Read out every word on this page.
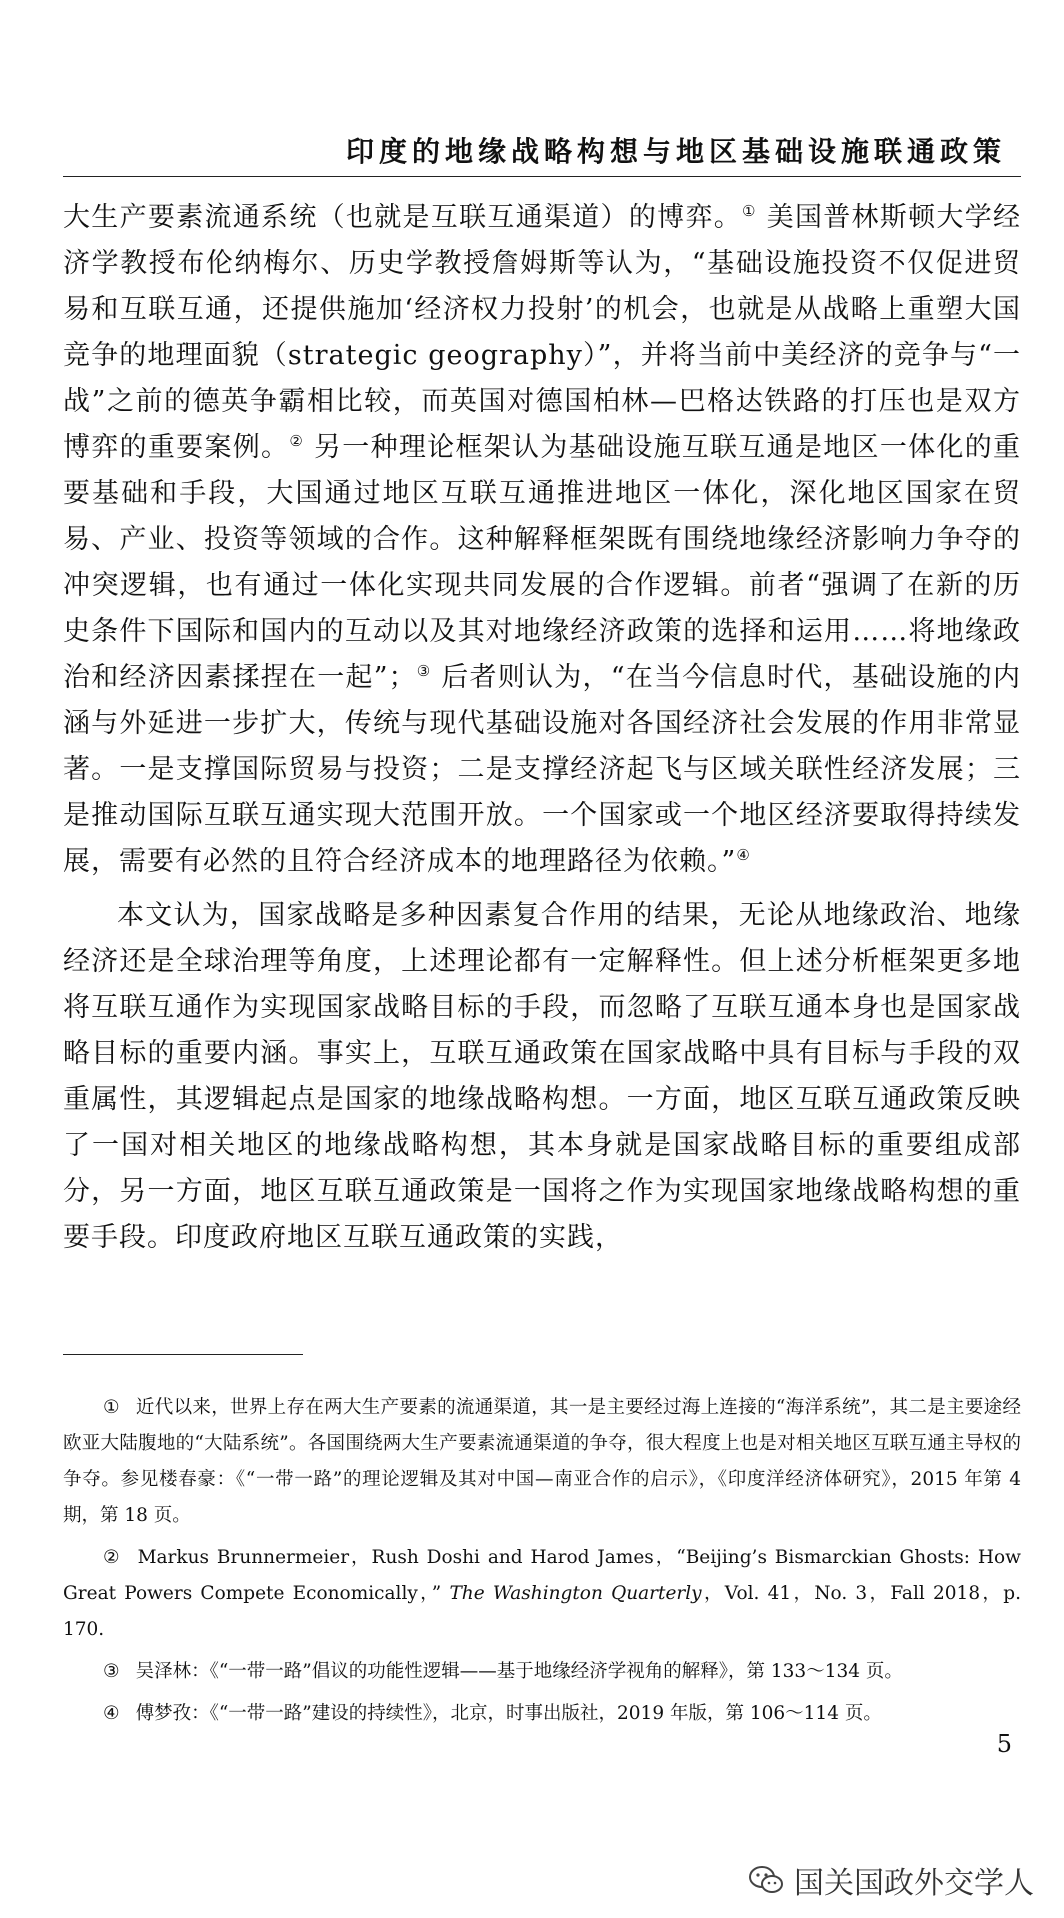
印度的地缘战略构想与地区基础设施联通政策

大生产要素流通系统（也就是互联互通渠道）的博弈。① 美国普林斯顿大学经济学教授布伦纳梅尔、历史学教授詹姆斯等认为，“基础设施投资不仅促进贸易和互联互通，还提供施加‘经济权力投射’的机会，也就是从战略上重塑大国竞争的地理面貌（strategic geography）”，并将当前中美经济的竞争与“一战”之前的德英争霸相比较，而英国对德国柏林—巴格达铁路的打压也是双方博弈的重要案例。② 另一种理论框架认为基础设施互联互通是地区一体化的重要基础和手段，大国通过地区互联互通推进地区一体化，深化地区国家在贸易、产业、投资等领域的合作。这种解释框架既有围绕地缘经济影响力争夺的冲突逻辑，也有通过一体化实现共同发展的合作逻辑。前者“强调了在新的历史条件下国际和国内的互动以及其对地缘经济政策的选择和运用……将地缘政治和经济因素揉捏在一起”；③ 后者则认为，“在当今信息时代，基础设施的内涵与外延进一步扩大，传统与现代基础设施对各国经济社会发展的作用非常显著。一是支撑国际贸易与投资；二是支撑经济起飞与区域关联性经济发展；三是推动国际互联互通实现大范围开放。一个国家或一个地区经济要取得持续发展，需要有必然的且符合经济成本的地理路径为依赖。”④

本文认为，国家战略是多种因素复合作用的结果，无论从地缘政治、地缘经济还是全球治理等角度，上述理论都有一定解释性。但上述分析框架更多地将互联互通作为实现国家战略目标的手段，而忽略了互联互通本身也是国家战略目标的重要内涵。事实上，互联互通政策在国家战略中具有目标与手段的双重属性，其逻辑起点是国家的地缘战略构想。一方面，地区互联互通政策反映了一国对相关地区的地缘战略构想，其本身就是国家战略目标的重要组成部分，另一方面，地区互联互通政策是一国将之作为实现国家地缘战略构想的重要手段。印度政府地区互联互通政策的实践，

① 近代以来，世界上存在两大生产要素的流通渠道，其一是主要经过海上连接的“海洋系统”，其二是主要途经欧亚大陆腹地的“大陆系统”。各国围绕两大生产要素流通渠道的争夺，很大程度上也是对相关地区互联互通主导权的争夺。参见楼春豪：《“一带一路”的理论逻辑及其对中国—南亚合作的启示》，《印度洋经济体研究》，2015 年第 4 期，第 18 页。

② Markus Brunnermeier，Rush Doshi and Harod James，“Beijing’s Bismarckian Ghosts: How Great Powers Compete Economically，” The Washington Quarterly，Vol. 41，No. 3，Fall 2018，p. 170.

③ 吴泽林：《“一带一路”倡议的功能性逻辑——基于地缘经济学视角的解释》，第 133～134 页。

④ 傅梦孜：《“一带一路”建设的持续性》，北京，时事出版社，2019 年版，第 106～114 页。

5
国关国政外交学人
